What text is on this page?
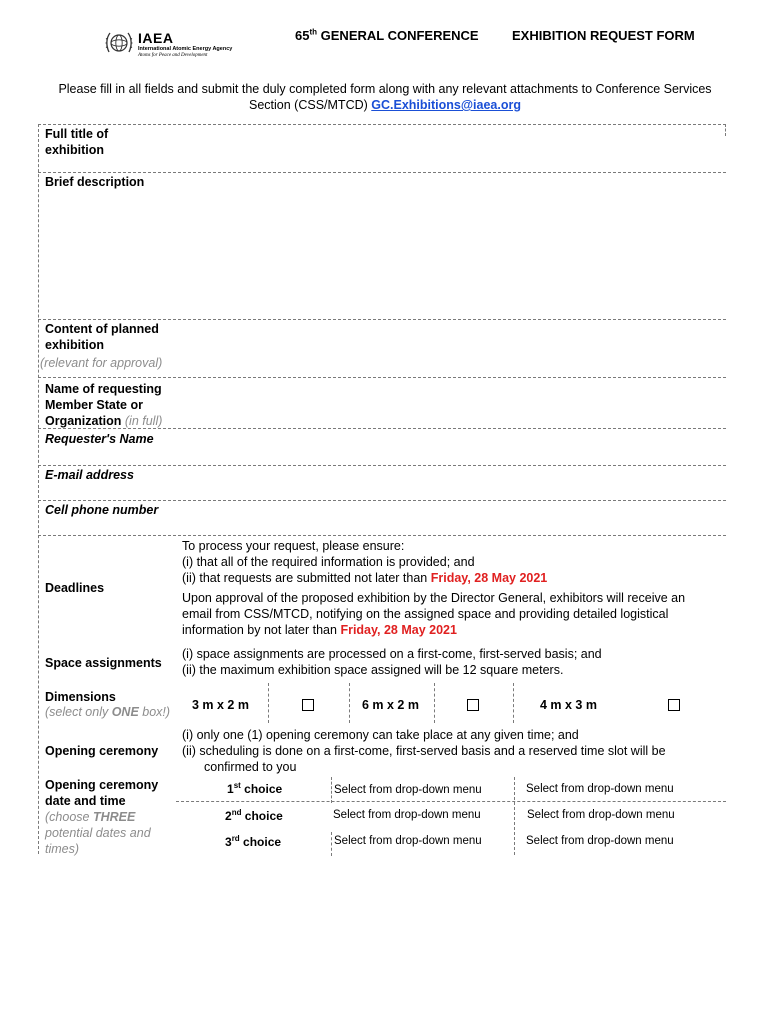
IAEA
International Atomic Energy Agency
Atoms for Peace and Development
65th GENERAL CONFERENCE	EXHIBITION REQUEST FORM
Please fill in all fields and submit the duly completed form along with any relevant attachments to Conference Services
Section (CSS/MTCD) GC.Exhibitions@iaea.org
Full title of
exhibition
Brief description
Content of planned
exhibition
(relevant for approval)
Name of requesting
Member State or
Organization (in full)
Requester's Name
E-mail address
Cell phone number
Deadlines
To process your request, please ensure:
(i) that all of the required information is provided; and
(ii) that requests are submitted not later than Friday, 28 May 2021
Upon approval of the proposed exhibition by the Director General, exhibitors will receive an
email from CSS/MTCD, notifying on the assigned space and providing detailed logistical
information by not later than Friday, 28 May 2021
Space assignments
(i) space assignments are processed on a first-come, first-served basis; and
(ii) the maximum exhibition space assigned will be 12 square meters.
Dimensions
(select only ONE box!) 3 m x 2 m	6 m x 2 m	4 m x 3 m
Opening ceremony
(i) only one (1) opening ceremony can take place at any given time; and
(ii) scheduling is done on a first-come, first-served basis and a reserved time slot will be
confirmed to you
Opening ceremony
date and time
(choose THREE
potential dates and
times)
1st choice	Select from drop-down menu	Select from drop-down menu
2nd choice	Select from drop-down menu	Select from drop-down menu
3rd choice	Select from drop-down menu	Select from drop-down menu
